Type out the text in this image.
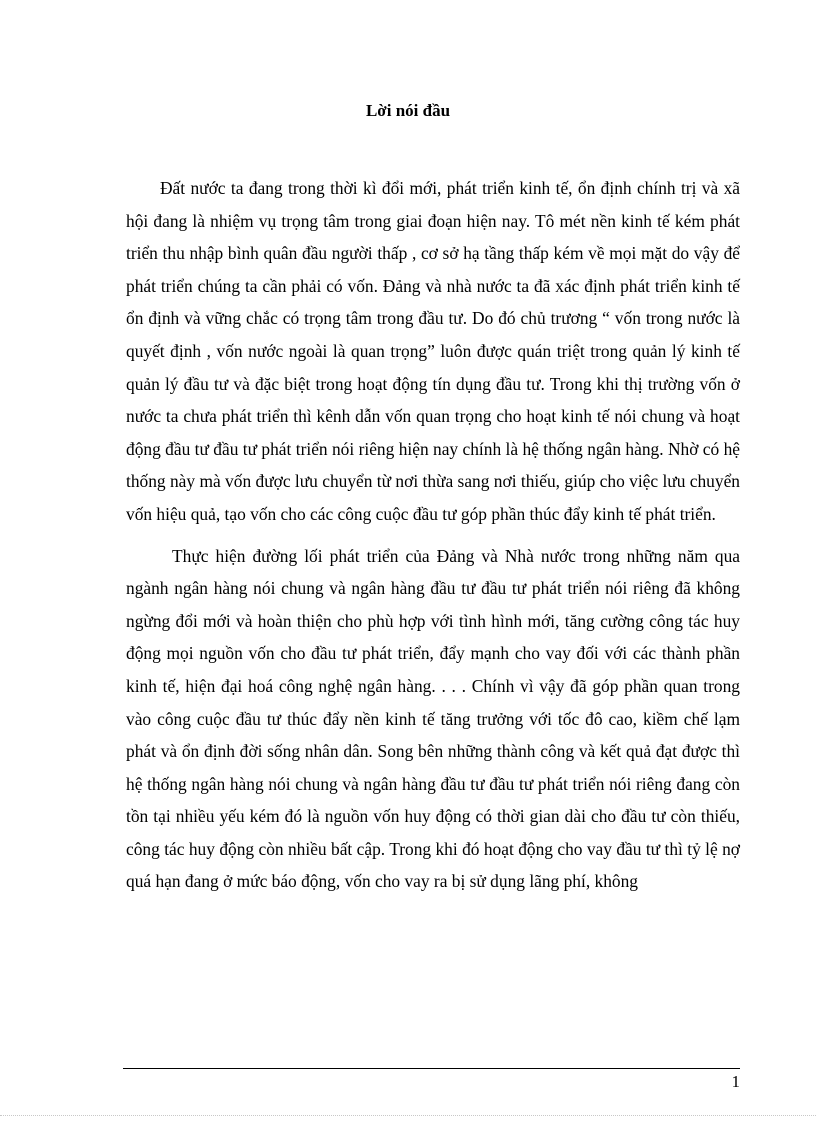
Lời nói đầu

Đất nước ta đang trong thời kì đổi mới, phát triển kinh tế, ổn định chính trị và xã hội đang là nhiệm vụ trọng tâm trong giai đoạn hiện nay. Tô mét nền kinh tế kém phát triển thu nhập bình quân đầu người thấp , cơ sở hạ tầng thấp kém về mọi mặt do vậy để phát triển chúng ta cần phải có vốn. Đảng và nhà nước ta đã xác định phát triển kinh tế ổn định và vững chắc có trọng tâm trong đầu tư. Do đó chủ trương “ vốn trong nước là quyết định , vốn nước ngoài là quan trọng” luôn được quán triệt trong quản lý kinh tế quản lý đầu tư và đặc biệt trong hoạt động tín dụng đầu tư. Trong khi thị trường vốn ở nước ta chưa phát triển thì kênh dẫn vốn quan trọng cho hoạt kinh tế nói chung và hoạt động đầu tư đầu tư phát triển nói riêng hiện nay chính là hệ thống ngân hàng. Nhờ có hệ thống này mà vốn được lưu chuyển từ nơi thừa sang nơi thiếu, giúp cho việc lưu chuyển vốn hiệu quả, tạo vốn cho các công cuộc đầu tư góp phần thúc đẩy kinh tế phát triển.

Thực hiện đường lối phát triển của Đảng và Nhà nước trong những năm qua ngành ngân hàng nói chung và ngân hàng đầu tư đầu tư phát triển nói riêng đã không ngừng đổi mới và hoàn thiện cho phù hợp với tình hình mới, tăng cường công tác huy động mọi nguồn vốn cho đầu tư phát triển, đẩy mạnh cho vay đối với các thành phần kinh tế, hiện đại hoá công nghệ ngân hàng. . . . Chính vì vậy đã góp phần quan trong vào công cuộc đầu tư thúc đẩy nền kinh tế tăng trưởng với tốc đô cao, kiềm chế lạm phát và ổn định đời sống nhân dân. Song bên những thành công và kết quả đạt được thì hệ thống ngân hàng nói chung và ngân hàng đầu tư đầu tư phát triển nói riêng đang còn tồn tại nhiều yếu kém đó là nguồn vốn huy động có thời gian dài cho đầu tư còn thiếu, công tác huy động còn nhiều bất cập. Trong khi đó hoạt động cho vay đầu tư thì tỷ lệ nợ quá hạn đang ở mức báo động, vốn cho vay ra bị sử dụng lãng phí, không

1
